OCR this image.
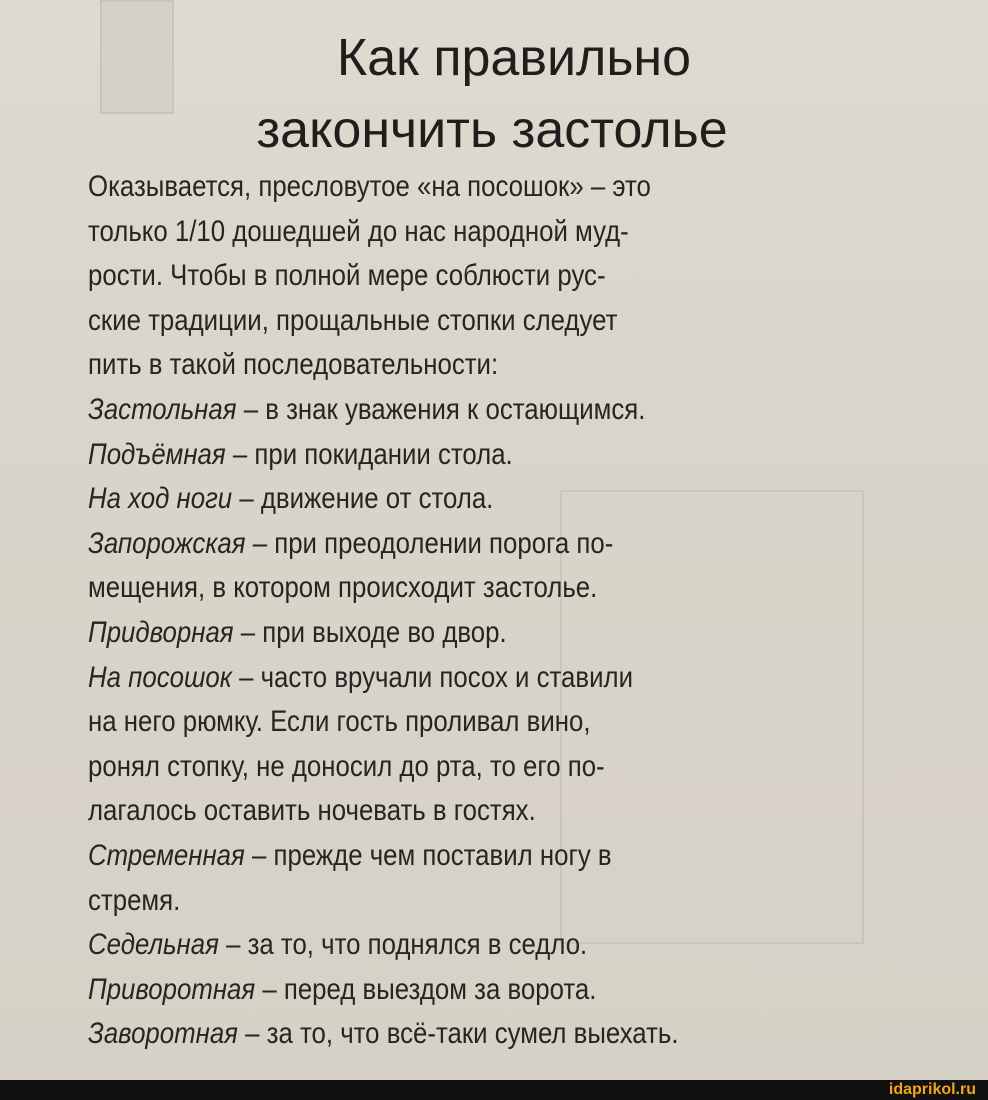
Как правильно
закончить застолье
Оказывается, пресловутое «на посошок» – это
только 1/10 дошедшей до нас народной муд-
рости. Чтобы в полной мере соблюсти рус-
ские традиции, прощальные стопки следует
пить в такой последовательности:
Застольная – в знак уважения к остающимся.
Подъёмная – при покидании стола.
На ход ноги – движение от стола.
Запорожская – при преодолении порога по-
мещения, в котором происходит застолье.
Придворная – при выходе во двор.
На посошок – часто вручали посох и ставили
на него рюмку. Если гость проливал вино,
ронял стопку, не доносил до рта, то его по-
лагалось оставить ночевать в гостях.
Стременная – прежде чем поставил ногу в
стремя.
Седельная – за то, что поднялся в седло.
Приворотная – перед выездом за ворота.
Заворотная – за то, что всё-таки сумел выехать.
idaprikol.ru
